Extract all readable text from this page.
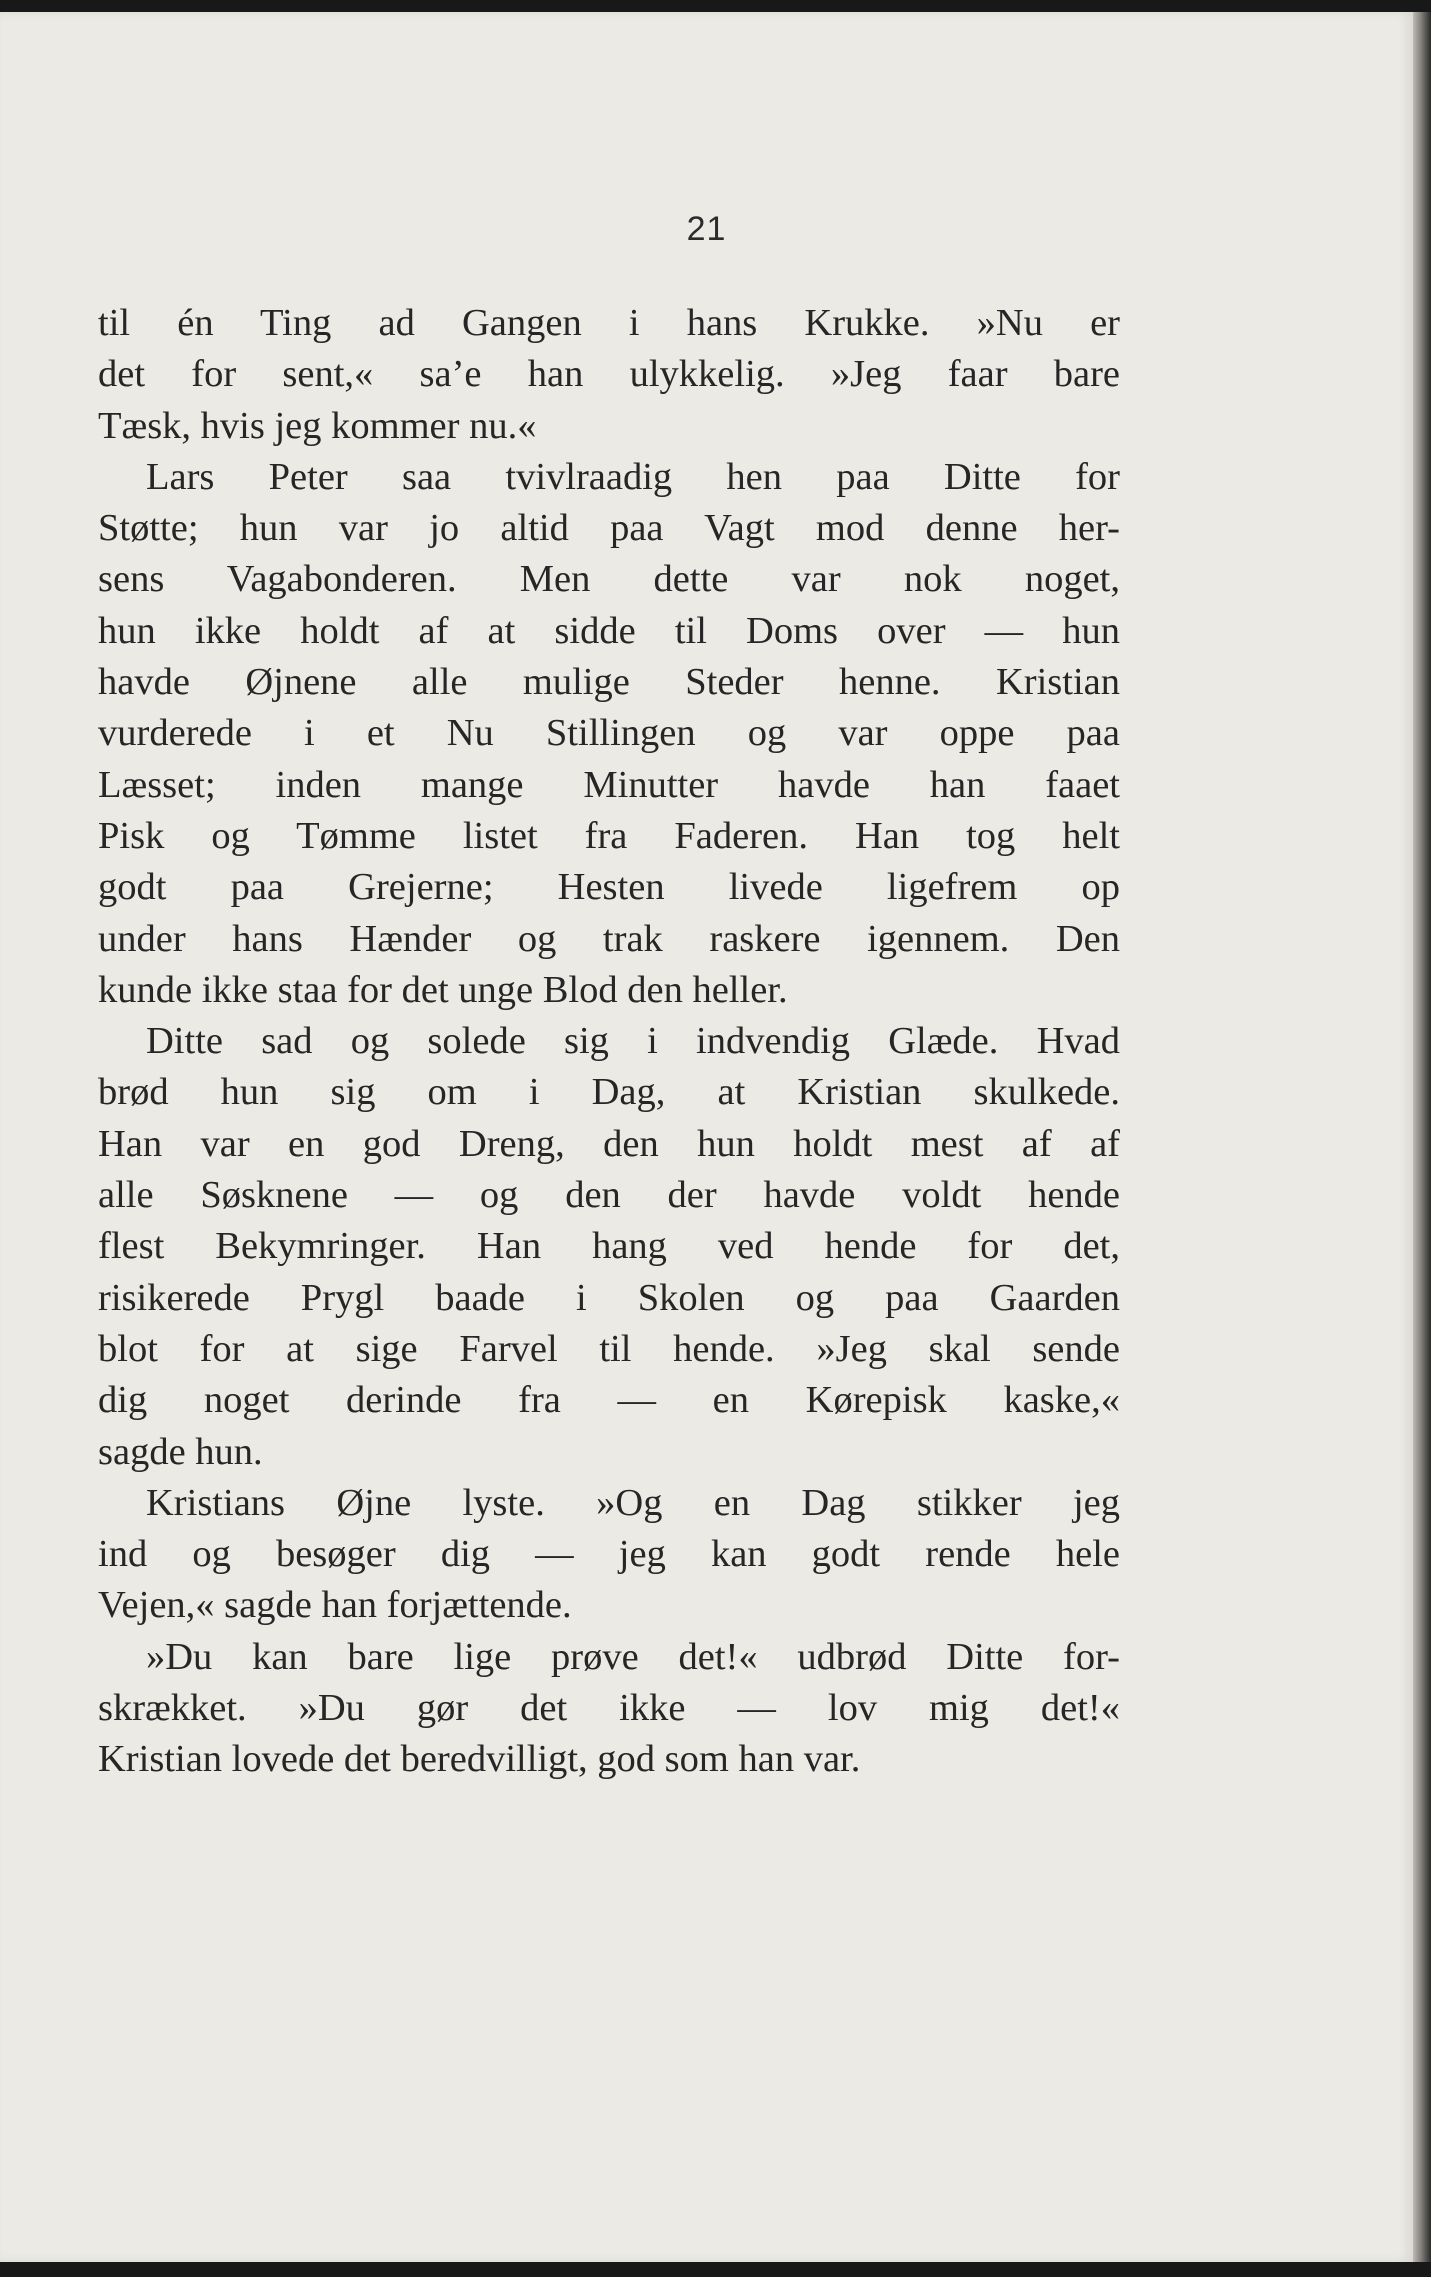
21
til én Ting ad Gangen i hans Krukke. »Nu er
det for sent,« sa’e han ulykkelig. »Jeg faar bare
Tæsk, hvis jeg kommer nu.«
Lars Peter saa tvivlraadig hen paa Ditte for
Støtte; hun var jo altid paa Vagt mod denne her-
sens Vagabonderen. Men dette var nok noget,
hun ikke holdt af at sidde til Doms over — hun
havde Øjnene alle mulige Steder henne. Kristian
vurderede i et Nu Stillingen og var oppe paa
Læsset; inden mange Minutter havde han faaet
Pisk og Tømme listet fra Faderen. Han tog helt
godt paa Grejerne; Hesten livede ligefrem op
under hans Hænder og trak raskere igennem. Den
kunde ikke staa for det unge Blod den heller.
Ditte sad og solede sig i indvendig Glæde. Hvad
brød hun sig om i Dag, at Kristian skulkede.
Han var en god Dreng, den hun holdt mest af af
alle Søsknene — og den der havde voldt hende
flest Bekymringer. Han hang ved hende for det,
risikerede Prygl baade i Skolen og paa Gaarden
blot for at sige Farvel til hende. »Jeg skal sende
dig noget derinde fra — en Kørepisk kaske,«
sagde hun.
Kristians Øjne lyste. »Og en Dag stikker jeg
ind og besøger dig — jeg kan godt rende hele
Vejen,« sagde han forjættende.
»Du kan bare lige prøve det!« udbrød Ditte for-
skrækket. »Du gør det ikke — lov mig det!«
Kristian lovede det beredvilligt, god som han var.
